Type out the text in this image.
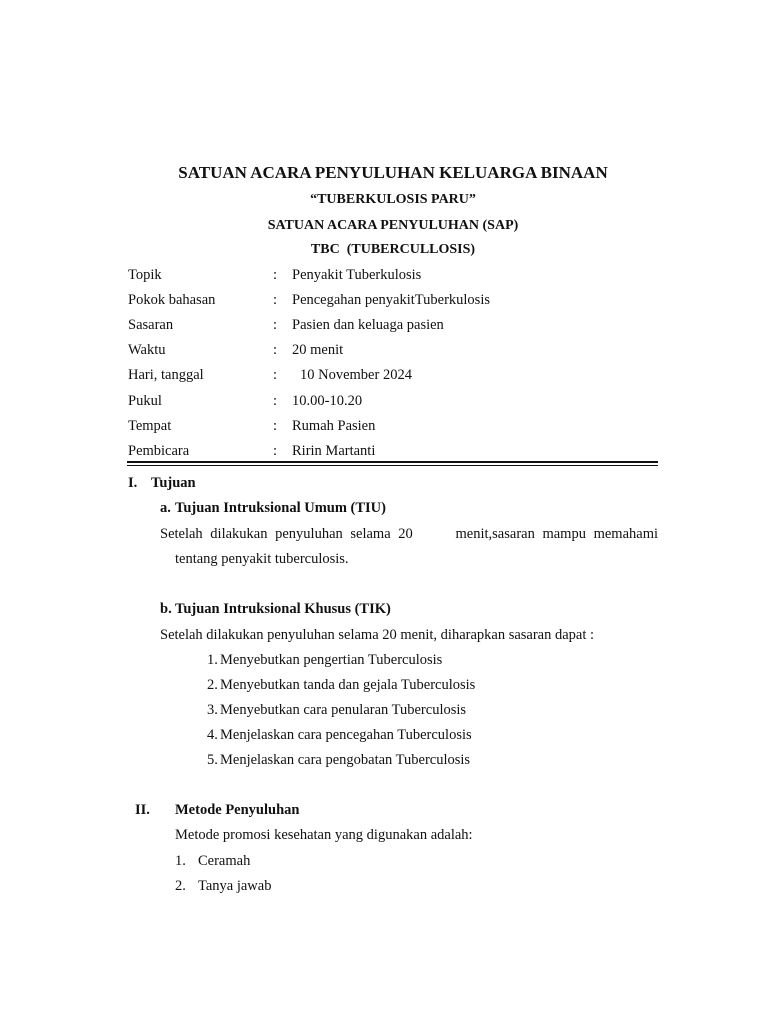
SATUAN ACARA PENYULUHAN KELUARGA BINAAN
“TUBERKULOSIS PARU”
SATUAN ACARA PENYULUHAN (SAP)
TBC  (TUBERCULLOSIS)
Topik	: Penyakit Tuberkulosis
Pokok bahasan	: Pencegahan penyakitTuberkulosis
Sasaran	: Pasien dan keluaga pasien
Waktu	: 20 menit
Hari, tanggal	: 10 November 2024
Pukul	: 10.00-10.20
Tempat	: Rumah Pasien
Pembicara	: Ririn Martanti
I. Tujuan
a. Tujuan Intruksional Umum (TIU)
Setelah dilakukan penyuluhan selama 20	menit,sasaran mampu memahami
tentang penyakit tuberculosis.
b. Tujuan Intruksional Khusus (TIK)
Setelah dilakukan penyuluhan selama 20 menit, diharapkan sasaran dapat :
1. Menyebutkan pengertian Tuberculosis
2. Menyebutkan tanda dan gejala Tuberculosis
3. Menyebutkan cara penularan Tuberculosis
4. Menjelaskan cara pencegahan Tuberculosis
5. Menjelaskan cara pengobatan Tuberculosis
II. Metode Penyuluhan
Metode promosi kesehatan yang digunakan adalah:
1. Ceramah
2. Tanya jawab
